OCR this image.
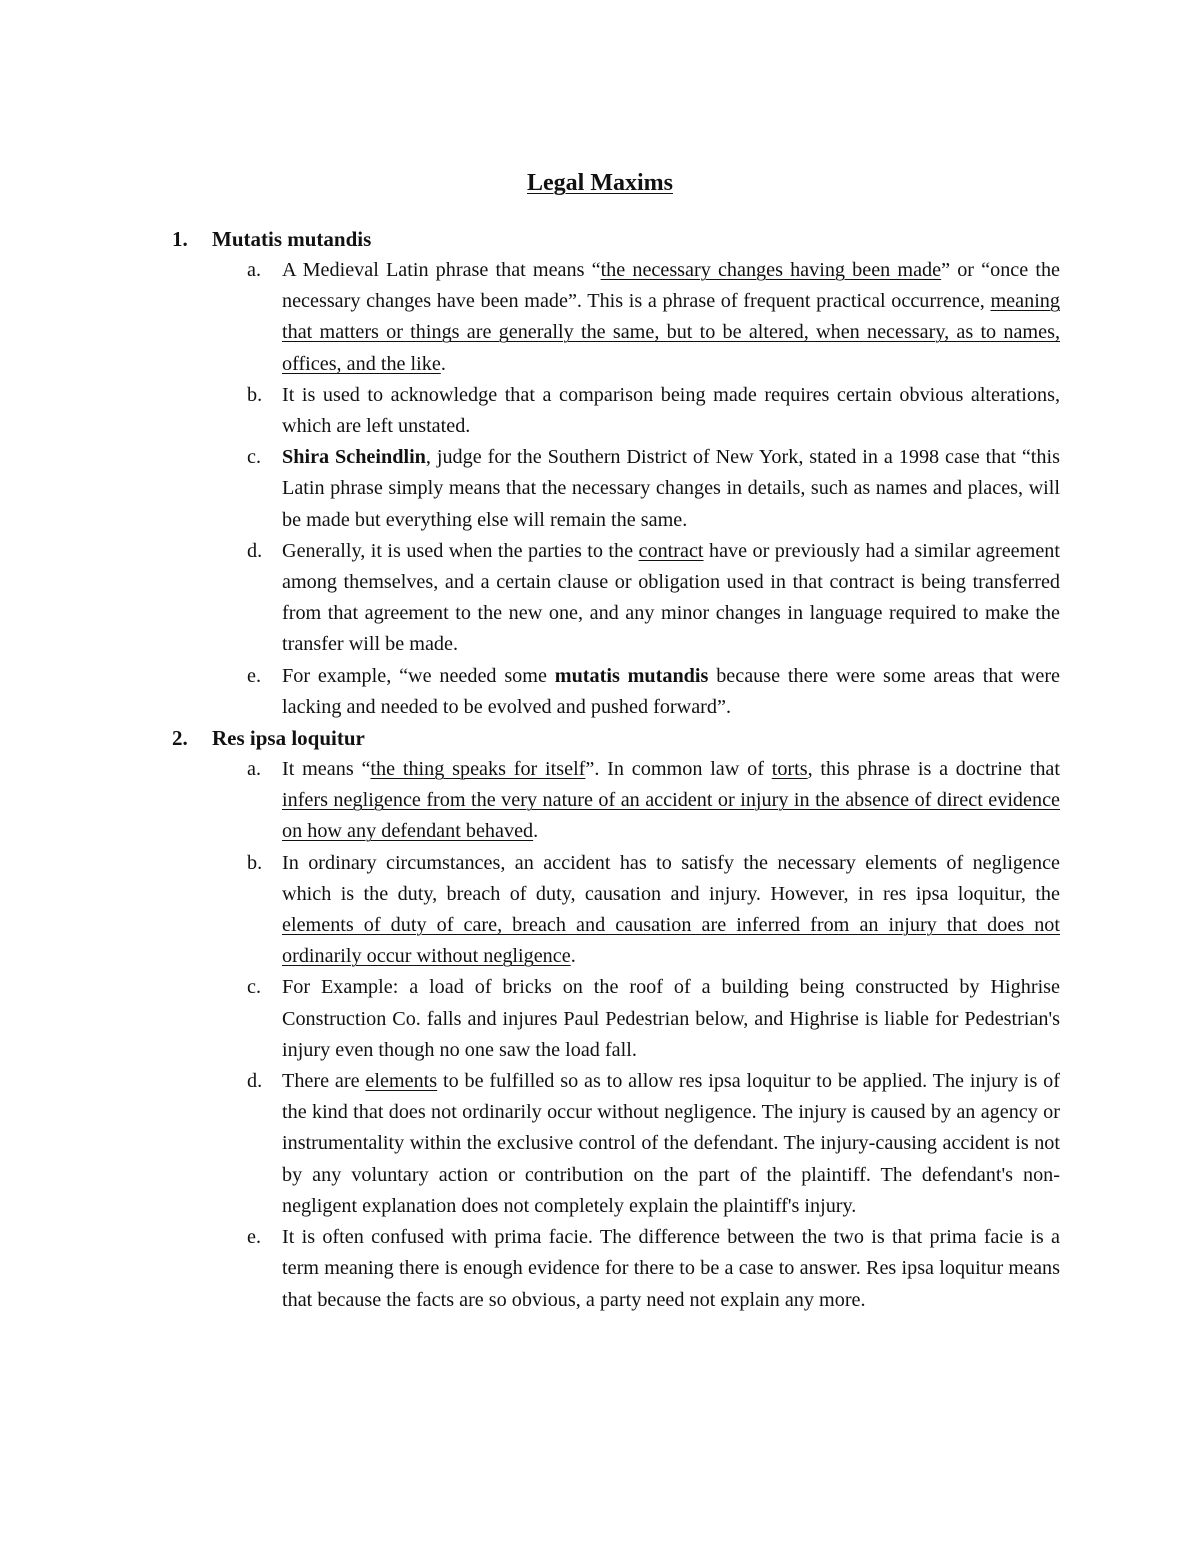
Legal Maxims
1.	Mutatis mutandis
a.	A Medieval Latin phrase that means “the necessary changes having been made” or “once the necessary changes have been made”. This is a phrase of frequent practical occurrence, meaning that matters or things are generally the same, but to be altered, when necessary, as to names, offices, and the like.

b. It is used to acknowledge that a comparison being made requires certain obvious alterations, which are left unstated.

c.	Shira Scheindlin, judge for the Southern District of New York, stated in a 1998 case that “this Latin phrase simply means that the necessary changes in details, such as names and places, will be made but everything else will remain the same.

d. Generally, it is used when the parties to the contract have or previously had a similar agreement among themselves, and a certain clause or obligation used in that contract is being transferred from that agreement to the new one, and any minor changes in language required to make the transfer will be made.

e.	For example, “we needed some mutatis mutandis because there were some areas that were lacking and needed to be evolved and pushed forward”.

2.	Res ipsa loquitur
a.	It means “the thing speaks for itself”. In common law of torts, this phrase is a doctrine that infers negligence from the very nature of an accident or injury in the absence of direct evidence on how any defendant behaved.

b. In ordinary circumstances, an accident has to satisfy the necessary elements of negligence which is the duty, breach of duty, causation and injury. However, in res ipsa loquitur, the elements of duty of care, breach and causation are inferred from an injury that does not ordinarily occur without negligence.

c.	For Example: a load of bricks on the roof of a building being constructed by Highrise Construction Co. falls and injures Paul Pedestrian below, and Highrise is liable for Pedestrian's injury even though no one saw the load fall.

d. There are elements to be fulfilled so as to allow res ipsa loquitur to be applied. The injury is of the kind that does not ordinarily occur without negligence. The injury is caused by an agency or instrumentality within the exclusive control of the defendant. The injury-causing accident is not by any voluntary action or contribution on the part of the plaintiff. The defendant's non-negligent explanation does not completely explain the plaintiff's injury.

e.	It is often confused with prima facie. The difference between the two is that prima facie is a term meaning there is enough evidence for there to be a case to answer. Res ipsa loquitur means that because the facts are so obvious, a party need not explain any more.
